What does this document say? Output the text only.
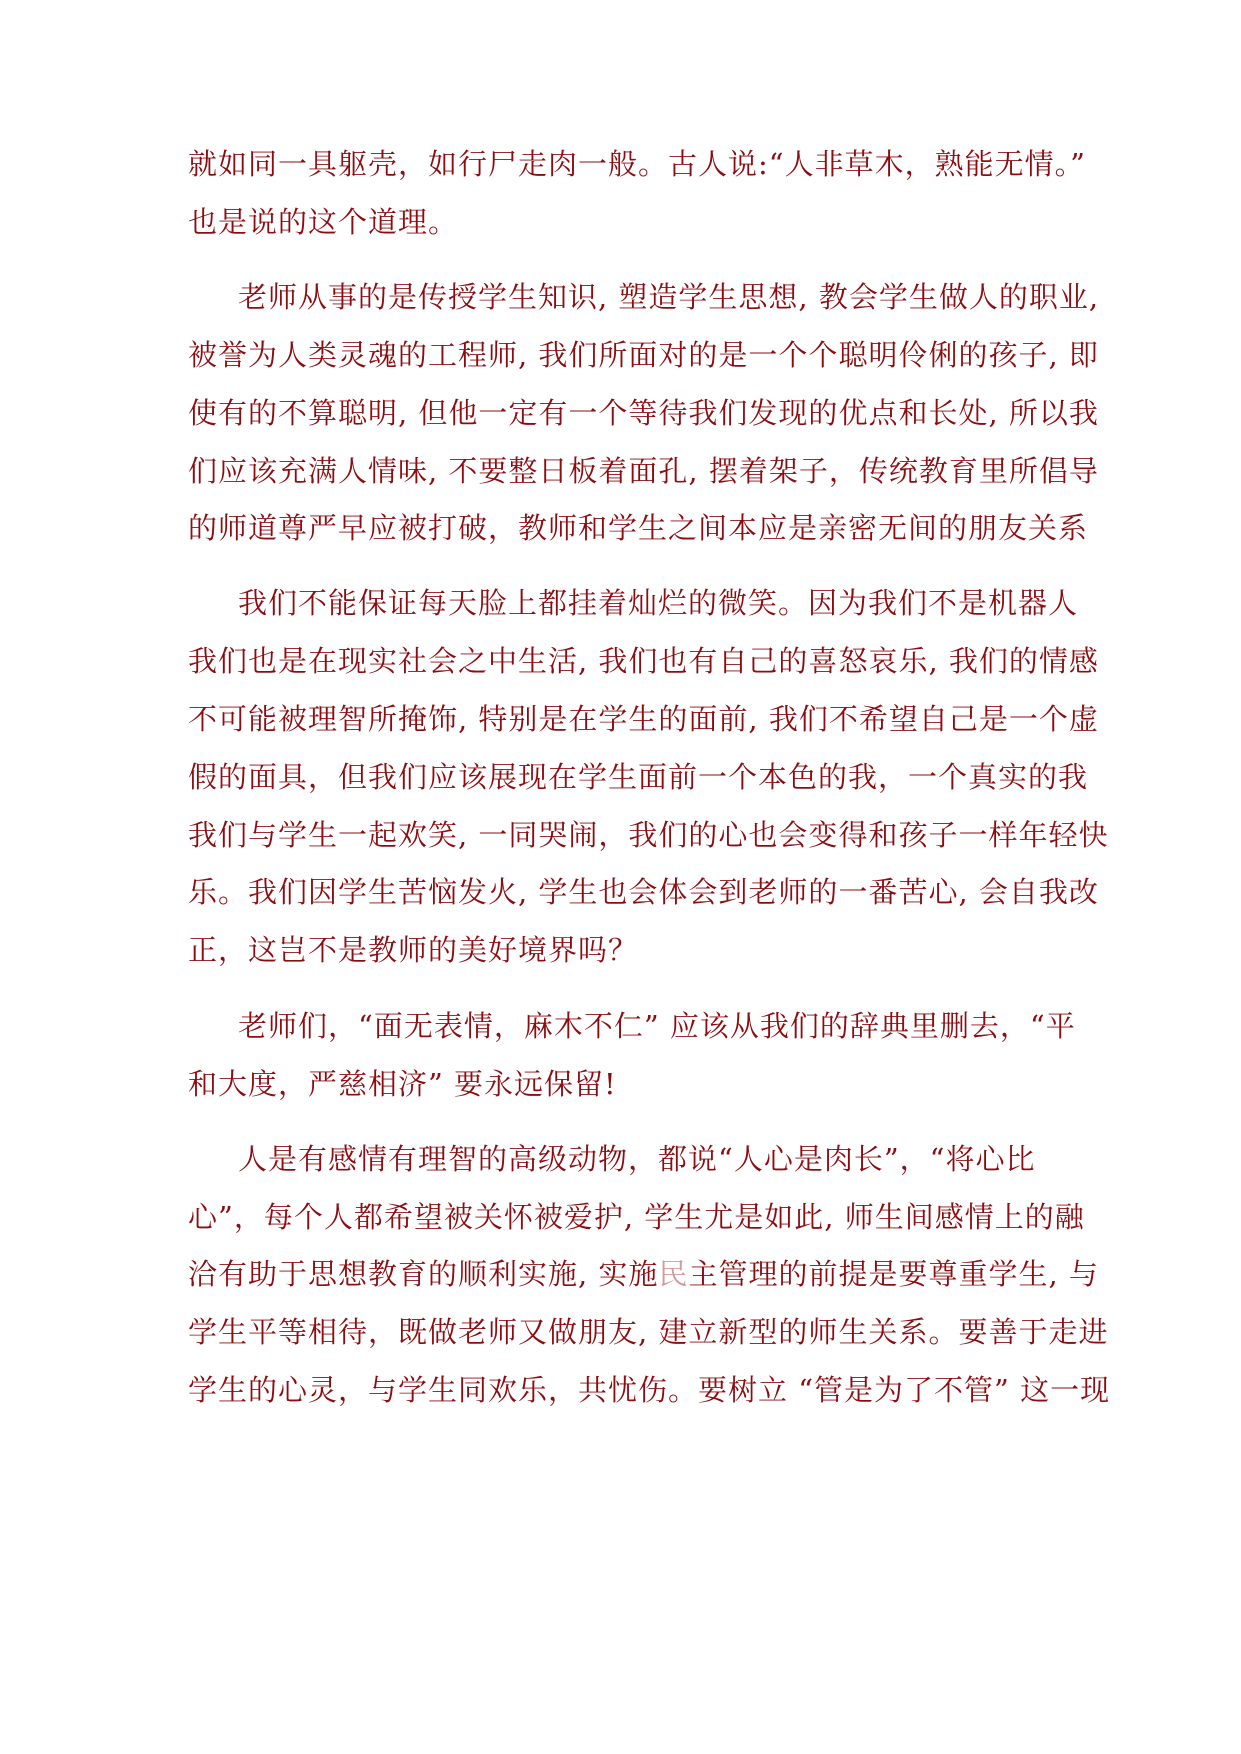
就如同一具躯壳，如行尸走肉一般。古人说:“人非草木，熟能无情。”
也是说的这个道理。
老师从事的是传授学生知识, 塑造学生思想, 教会学生做人的职业,
被誉为人类灵魂的工程师, 我们所面对的是一个个聪明伶俐的孩子, 即
使有的不算聪明, 但他一定有一个等待我们发现的优点和长处, 所以我
们应该充满人情味, 不要整日板着面孔, 摆着架子，传统教育里所倡导
的师道尊严早应被打破，教师和学生之间本应是亲密无间的朋友关系
我们不能保证每天脸上都挂着灿烂的微笑。因为我们不是机器人
我们也是在现实社会之中生活, 我们也有自己的喜怒哀乐, 我们的情感
不可能被理智所掩饰, 特别是在学生的面前, 我们不希望自己是一个虚
假的面具，但我们应该展现在学生面前一个本色的我，一个真实的我
我们与学生一起欢笑, 一同哭闹，我们的心也会变得和孩子一样年轻快
乐。我们因学生苦恼发火, 学生也会体会到老师的一番苦心, 会自我改
正，这岂不是教师的美好境界吗？
老师们，“面无表情，麻木不仁” 应该从我们的辞典里删去，“平
和大度，严慈相济” 要永远保留!
人是有感情有理智的高级动物，都说“人心是肉长”，“将心比
心”，每个人都希望被关怀被爱护, 学生尤是如此, 师生间感情上的融
洽有助于思想教育的顺利实施, 实施民主管理的前提是要尊重学生, 与
学生平等相待，既做老师又做朋友, 建立新型的师生关系。要善于走进
学生的心灵，与学生同欢乐，共忧伤。要树立 “管是为了不管” 这一现
